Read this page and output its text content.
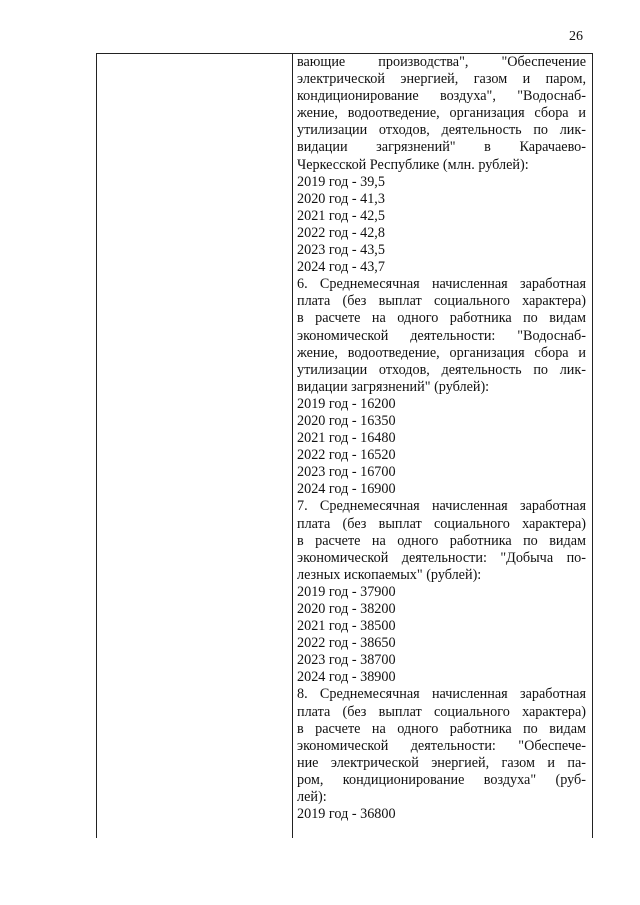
26
вающие производства", "Обеспечение
электрической энергией, газом и паром,
кондиционирование воздуха", "Водоснаб-
жение, водоотведение, организация сбора и
утилизации отходов, деятельность по лик-
видации загрязнений" в Карачаево-
Черкесской Республике (млн. рублей):
2019 год - 39,5
2020 год - 41,3
2021 год - 42,5
2022 год - 42,8
2023 год - 43,5
2024 год - 43,7
6. Среднемесячная начисленная заработная
плата (без выплат социального характера)
в расчете на одного работника по видам
экономической деятельности: "Водоснаб-
жение, водоотведение, организация сбора и
утилизации отходов, деятельность по лик-
видации загрязнений" (рублей):
2019 год - 16200
2020 год - 16350
2021 год - 16480
2022 год - 16520
2023 год - 16700
2024 год - 16900
7. Среднемесячная начисленная заработная
плата (без выплат социального характера)
в расчете на одного работника по видам
экономической деятельности: "Добыча по-
лезных ископаемых" (рублей):
2019 год - 37900
2020 год - 38200
2021 год - 38500
2022 год - 38650
2023 год - 38700
2024 год - 38900
8. Среднемесячная начисленная заработная
плата (без выплат социального характера)
в расчете на одного работника по видам
экономической деятельности: "Обеспече-
ние электрической энергией, газом и па-
ром, кондиционирование воздуха" (руб-
лей):
2019 год - 36800
